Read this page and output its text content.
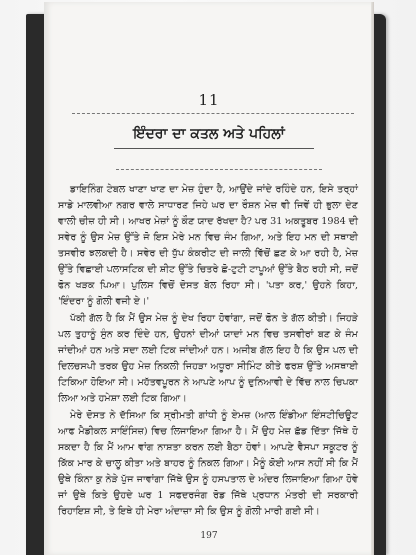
11
ਇੰਦਰਾ ਦਾ ਕਤਲ ਅਤੇ ਪਹਿਲਾਂ

ਡਾਇਨਿੰਗ ਟੇਬਲ ਖਾਣਾ ਖਾਣ ਦਾ ਮੇਜ਼ ਹੁੰਦਾ ਹੈ, ਆਉਂਦੇ ਜਾਂਦੇ ਰਹਿੰਦੇ ਹਨ, ਇਸੇ ਤਰ੍ਹਾਂ ਸਾਡੇ ਮਾਲਵੀਆ ਨਗਰ ਵਾਲੇ ਸਾਧਾਰਣ ਜਿਹੇ ਘਰ ਦਾ ਰੌਸ਼ਨ ਮੇਜ਼ ਵੀ ਜਿਵੇਂ ਹੀ ਭੁਲਾ ਦੇਣ ਵਾਲੀ ਚੀਜ਼ ਹੀ ਸੀ। ਆਖਰ ਮੇਜ਼ਾਂ ਨੂੰ ਕੌਣ ਯਾਦ ਰੱਖਦਾ ਹੈ? ਪਰ 31 ਅਕਤੂਬਰ 1984 ਦੀ ਸਵੇਰ ਨੂੰ ਉਸ ਮੇਜ਼ ਉੱਤੇ ਜੋ ਇਸ ਮੇਰੇ ਮਨ ਵਿਚ ਜੰਮ ਗਿਆ, ਅਤੇ ਇਹ ਮਨ ਦੀ ਸਥਾਈ ਤਸਵੀਰ ਝਲਕਦੀ ਹੈ। ਸਵੇਰ ਦੀ ਧੁੱਪ ਕੰਕਰੀਟ ਦੀ ਜਾਲੀ ਵਿੱਚੋਂ ਛਣ ਕੇ ਆ ਰਹੀ ਹੈ, ਮੇਜ਼ ਉੱਤੇ ਵਿਛਾਈ ਪਲਾਸਟਿਕ ਦੀ ਸ਼ੀਟ ਉੱਤੇ ਚਿਤਰੇ ਛੋ-ਟੁਟੀ ਟਾਪੂਆਂ ਉੱਤੇ ਬੈਠ ਰਹੀ ਸੀ, ਜਦੋਂ ਫੋਨ ਖੜਕ ਪਿਆ। ਪੁਲਿਸ ਵਿਚੋਂ ਦੋਸਤ ਬੋਲ ਰਿਹਾ ਸੀ। 'ਪਤਾ ਕਰ,' ਉਹਨੇ ਕਿਹਾ, 'ਇੰਦਰਾ ਨੂੰ ਗੋਲੀ ਵਜੀ ਏ।'

ਪੱਕੀ ਗੱਲ ਹੈ ਕਿ ਮੈਂ ਉਸ ਮੇਜ਼ ਨੂੰ ਦੇਖ ਰਿਹਾ ਹੋਵਾਂਗਾ, ਜਦੋਂ ਫੋਨ ਤੇ ਗੱਲ ਕੀਤੀ। ਜਿਹੜੇ ਪਲ ਤੁਹਾਨੂੰ ਸੁੰਨ ਕਰ ਦਿੰਦੇ ਹਨ, ਉਹਨਾਂ ਦੀਆਂ ਯਾਦਾਂ ਮਨ ਵਿਚ ਤਸਵੀਰਾਂ ਬਣ ਕੇ ਜੰਮ ਜਾਂਦੀਆਂ ਹਨ ਅਤੇ ਸਦਾ ਲਈ ਟਿਕ ਜਾਂਦੀਆਂ ਹਨ। ਅਜੀਬ ਗੱਲ ਇਹ ਹੈ ਕਿ ਉਸ ਪਲ ਦੀ ਦਿਲਚਸਪੀ ਤਰਕ ਉਹ ਮੇਜ਼ ਨਿਕਲੀ ਜਿਹੜਾ ਅਧੂਰਾ ਸੀਮਿੰਟ ਕੀਤੇ ਫਰਸ਼ ਉੱਤੇ ਅਸਥਾਈ ਟਿਕਿਆ ਹੋਇਆ ਸੀ। ਮਹੱਤਵਪੂਰਨ ਨੇ ਆਪਣੇ ਆਪ ਨੂੰ ਦੁਨਿਆਵੀ ਦੇ ਵਿੱਚ ਨਾਲ ਚਿਪਕਾ ਲਿਆ ਅਤੇ ਹਮੇਸ਼ਾ ਲਈ ਟਿਕ ਗਿਆ।

ਮੇਰੇ ਦੋਸਤ ਨੇ ਦੱਸਿਆ ਕਿ ਸ੍ਰੀਮਤੀ ਗਾਂਧੀ ਨੂੰ ਏਮਜ਼ (ਆਲ ਇੰਡੀਆ ਇੰਸਟੀਚਿਊਟ ਆਫ ਮੈਡੀਕਲ ਸਾਇੰਸਿਜ਼) ਵਿਚ ਲਿਜਾਇਆ ਗਿਆ ਹੈ। ਮੈਂ ਉਹ ਮੇਜ਼ ਛੱਡ ਦਿੱਤਾ ਜਿੱਥੇ ਹੋ ਸਕਦਾ ਹੈ ਕਿ ਮੈਂ ਆਮ ਵਾਂਗ ਨਾਸ਼ਤਾ ਕਰਨ ਲਈ ਬੈਠਾ ਹੋਵਾਂ। ਆਪਣੇ ਵੈਸਪਾ ਸਕੂਟਰ ਨੂੰ ਕਿੱਕ ਮਾਰ ਕੇ ਚਾਲੂ ਕੀਤਾ ਅਤੇ ਬਾਹਰ ਨੂੰ ਨਿਕਲ ਗਿਆ। ਮੈਨੂੰ ਕੋਈ ਆਸ ਨਹੀਂ ਸੀ ਕਿ ਮੈਂ ਉਥੇ ਕਿੰਨਾ ਕੁ ਨੇੜੇ ਪੁੱਜ ਜਾਵਾਂਗਾ ਜਿੱਥੇ ਉਸ ਨੂੰ ਹਸਪਤਾਲ ਦੇ ਅੰਦਰ ਲਿਜਾਇਆ ਗਿਆ ਹੋਵੇ ਜਾਂ ਉਥੇ ਕਿਤੇ ਉਹਦੇ ਘਰ 1 ਸਫਦਰਜੰਗ ਰੋਡ ਜਿੱਥੇ ਪ੍ਰਧਾਨ ਮੰਤਰੀ ਦੀ ਸਰਕਾਰੀ ਰਿਹਾਇਸ਼ ਸੀ, ਤੇ ਇਥੇ ਹੀ ਮੇਰਾ ਅੰਦਾਜ਼ਾ ਸੀ ਕਿ ਉਸ ਨੂੰ ਗੋਲੀ ਮਾਰੀ ਗਈ ਸੀ।

197
